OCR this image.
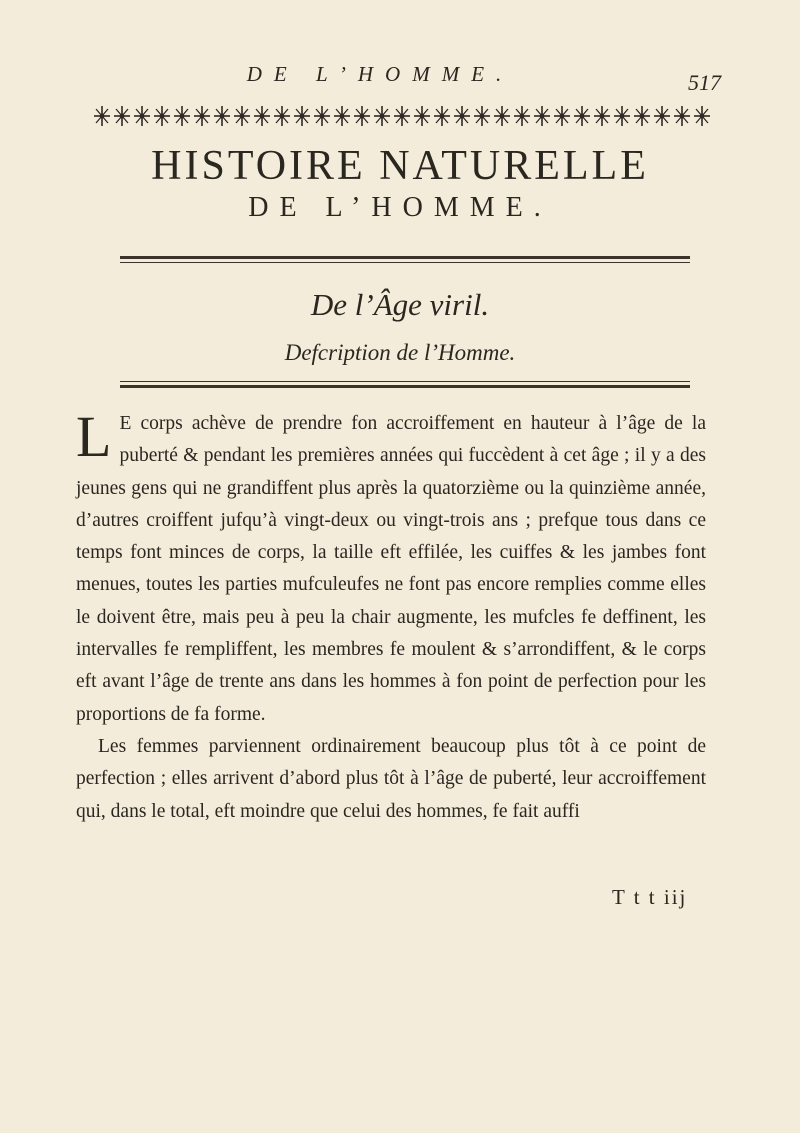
DE L’HOMME.	517
HISTOIRE NATURELLE
DE L’HOMME.
De l’Âge viril.
Defcription de l’Homme.

L E corps achève de prendre fon accroiffement en hauteur à l’âge de la puberté & pendant les premières années qui fuccèdent à cet âge ; il y a des jeunes gens qui ne grandiffent plus après la quatorzième ou la quinzième année, d’autres croiffent jufqu’à vingt-deux ou vingt-trois ans ; prefque tous dans ce temps font minces de corps, la taille eft effilée, les cuiffes & les jambes font menues, toutes les parties mufculeufes ne font pas encore remplies comme elles le doivent être, mais peu à peu la chair augmente, les mufcles fe deffinent, les intervalles fe rempliffent, les membres fe moulent & s’arrondiffent, & le corps eft avant l’âge de trente ans dans les hommes à fon point de perfection pour les proportions de fa forme.

Les femmes parviennent ordinairement beaucoup plus tôt à ce point de perfection ; elles arrivent d’abord plus tôt à l’âge de puberté, leur accroiffement qui, dans le total, eft moindre que celui des hommes, fe fait auffi

T t t iij
